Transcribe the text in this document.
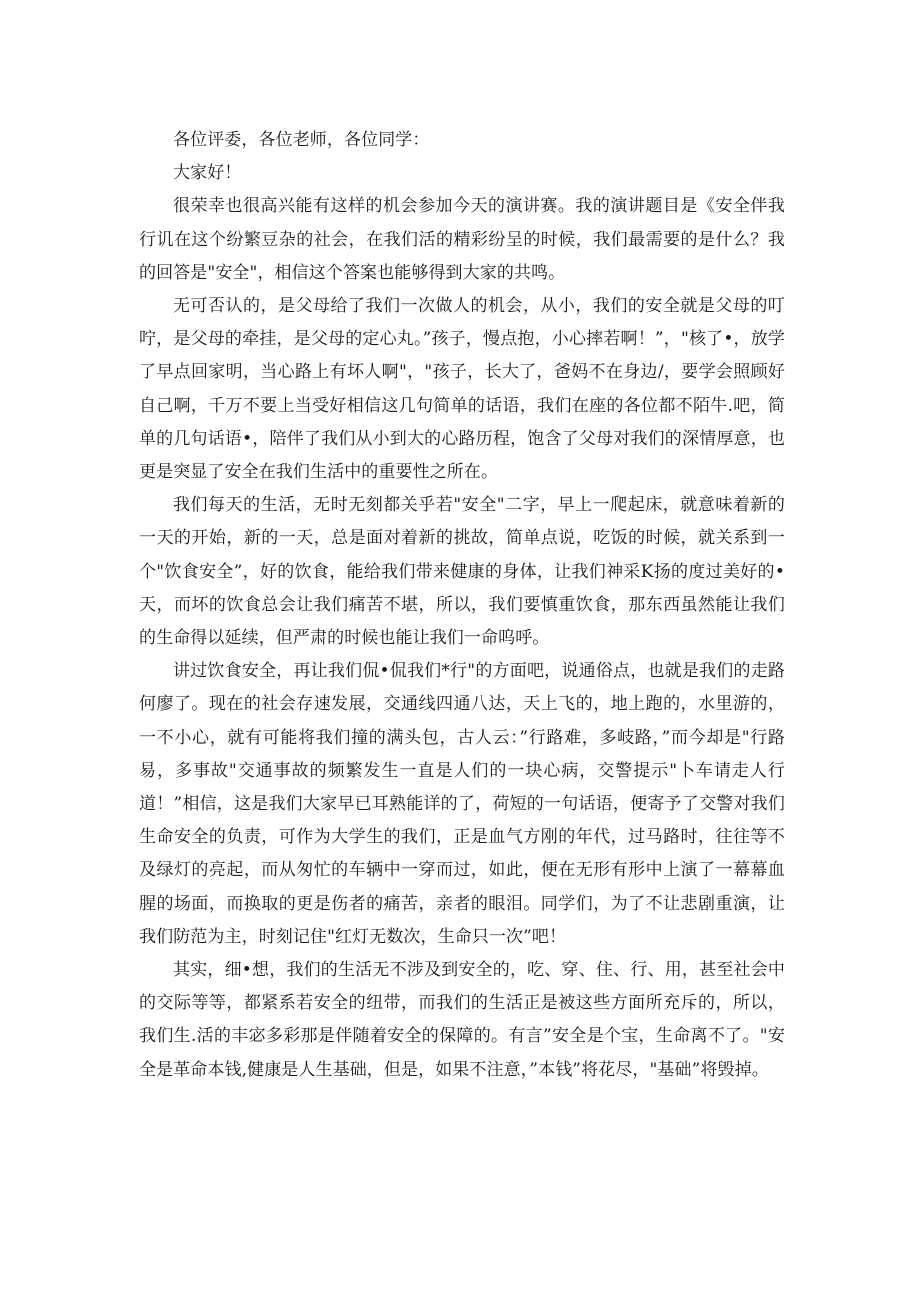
各位评委，各位老师，各位同学：

大家好！

很荣幸也很高兴能有这样的机会参加今天的演讲赛。我的演讲题目是《安全伴我行讥在这个纷繁豆杂的社会，在我们活的精彩纷呈的时候，我们最需要的是什么？我的回答是"安全"，相信这个答案也能够得到大家的共鸣。

无可否认的，是父母给了我们一次做人的机会，从小，我们的安全就是父母的叮咛，是父母的牵挂，是父母的定心丸。”孩子，慢点抱，小心摔若啊！”，"核了•，放学了早点回家明，当心路上有坏人啊"，"孩子，长大了，爸妈不在身边/，要学会照顾好自己啊，千万不要上当受好相信这几句简单的话语，我们在座的各位都不陌牛.吧，简单的几句话语•，陪伴了我们从小到大的心路历程，饱含了父母对我们的深情厚意，也更是突显了安全在我们生活中的重要性之所在。

我们每天的生活，无时无刻都关乎若"安全"二字，早上一爬起床，就意味着新的一天的开始，新的一天，总是面对着新的挑故，简单点说，吃饭的时候，就关系到一个"饮食安全”，好的饮食，能给我们带来健康的身体，让我们神采K扬的度过美好的•天，而坏的饮食总会让我们痛苦不堪，所以，我们要慎重饮食，那东西虽然能让我们的生命得以延续，但严肃的时候也能让我们一命呜呼。

讲过饮食安全，再让我们侃•侃我们*行"的方面吧，说通俗点，也就是我们的走路何廖了。现在的社会存速发展，交通线四通八达，天上飞的，地上跑的，水里游的，一不小心，就有可能将我们撞的满头包，古人云：”行路难，多岐路，”而今却是"行路易，多事故"交通事故的频繁发生一直是人们的一块心病，交警提示"卜车请走人行道！”相信，这是我们大家早已耳熟能详的了，荷短的一句话语，便寄予了交警对我们生命安全的负责，可作为大学生的我们，正是血气方刚的年代，过马路时，往往等不及绿灯的亮起，而从匆忙的车辆中一穿而过，如此，便在无形有形中上演了一幕幕血腥的场面，而换取的更是伤者的痛苦，亲者的眼泪。同学们，为了不让悲剧重演，让我们防范为主，时刻记住"红灯无数次，生命只一次”吧！

其实，细•想，我们的生活无不涉及到安全的，吃、穿、住、行、用，甚至社会中的交际等等，都紧系若安全的纽带，而我们的生活正是被这些方面所充斥的，所以，我们生.活的丰宓多彩那是伴随着安全的保障的。有言”安全是个宝，生命离不了。"安全是革命本钱,健康是人生基础，但是，如果不注意，”本钱”将花尽，"基础”将毁掉。
